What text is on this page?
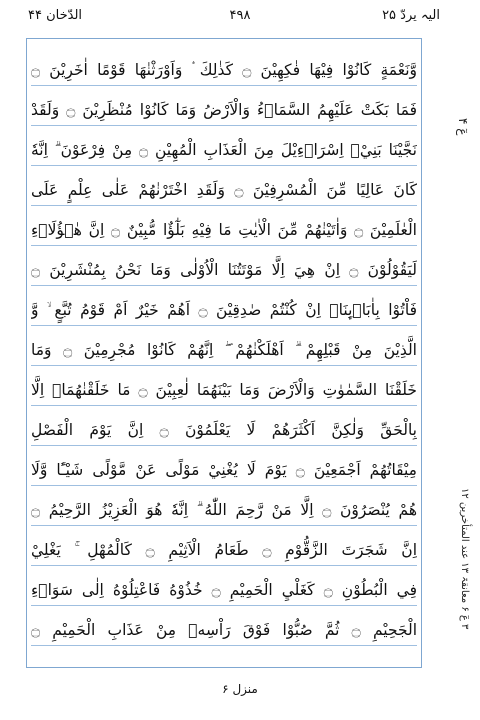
الیہ یردّ ۲۵
۴۹۸
الدّخان ۴۴
وَّنَعْمَةٍ كَانُوْا فِيْهَا فٰكِهِيْنَ ۝ كَذٰلِكَ ۟ وَاَوْرَثْنٰهَا قَوْمًا اٰخَرِيْنَ ۝
فَمَا بَكَتْ عَلَيْهِمُ السَّمَاۤءُ وَالْاَرْضُ وَمَا كَانُوْا مُنْظَرِيْنَ ۝ وَلَقَدْ
نَجَّيْنَا بَنِيْۤ اِسْرَاۤءِيْلَ مِنَ الْعَذَابِ الْمُهِيْنِ ۝ مِنْ فِرْعَوْنَ ۗ اِنَّهٗ
كَانَ عَالِيًا مِّنَ الْمُسْرِفِيْنَ ۝ وَلَقَدِ اخْتَرْنٰهُمْ عَلٰى عِلْمٍ عَلَى
الْعٰلَمِيْنَ ۝ وَاٰتَيْنٰهُمْ مِّنَ الْاٰيٰتِ مَا فِيْهِ بَلٰٓؤٌا مُّبِيْنٌ ۝ اِنَّ هٰۤؤُلَاۤءِ
لَيَقُوْلُوْنَ ۝ اِنْ هِيَ اِلَّا مَوْتَتُنَا الْاُوْلٰى وَمَا نَحْنُ بِمُنْشَرِيْنَ ۝
فَاْتُوْا بِاٰبَاۤىِٕنَاۤ اِنْ كُنْتُمْ صٰدِقِيْنَ ۝ اَهُمْ خَيْرٌ اَمْ قَوْمُ تُبَّعٍ ۙ وَّ
الَّذِيْنَ مِنْ قَبْلِهِمْ ۗ اَهْلَكْنٰهُمْ ۖ اِنَّهُمْ كَانُوْا مُجْرِمِيْنَ ۝ وَمَا
خَلَقْنَا السَّمٰوٰتِ وَالْاَرْضَ وَمَا بَيْنَهُمَا لٰعِبِيْنَ ۝ مَا خَلَقْنٰهُمَاۤ اِلَّا
بِالْحَقِّ وَلٰكِنَّ اَكْثَرَهُمْ لَا يَعْلَمُوْنَ ۝ اِنَّ يَوْمَ الْفَصْلِ
مِيْقَاتُهُمْ اَجْمَعِيْنَ ۝ يَوْمَ لَا يُغْنِيْ مَوْلًى عَنْ مَّوْلًى شَيْـًٔا وَّلَا
هُمْ يُنْصَرُوْنَ ۝ اِلَّا مَنْ رَّحِمَ اللّٰهُ ۗ اِنَّهٗ هُوَ الْعَزِيْزُ الرَّحِيْمُ ۝
اِنَّ شَجَرَتَ الزَّقُّوْمِ ۝ طَعَامُ الْاَثِيْمِ ۝ كَالْمُهْلِ ۚ يَغْلِيْ
فِي الْبُطُوْنِ ۝ كَغَلْيِ الْحَمِيْمِ ۝ خُذُوْهُ فَاعْتِلُوْهُ اِلٰى سَوَاۤءِ
الْجَحِيْمِ ۝ ثُمَّ صُبُّوْا فَوْقَ رَاْسِهٖ مِنْ عَذَابِ الْحَمِيْمِ ۝
عٓ ۴
۳ عٓ ۶ معانقۃ ۱۳ عند المتأخرین ۱۲
منزل ۶
